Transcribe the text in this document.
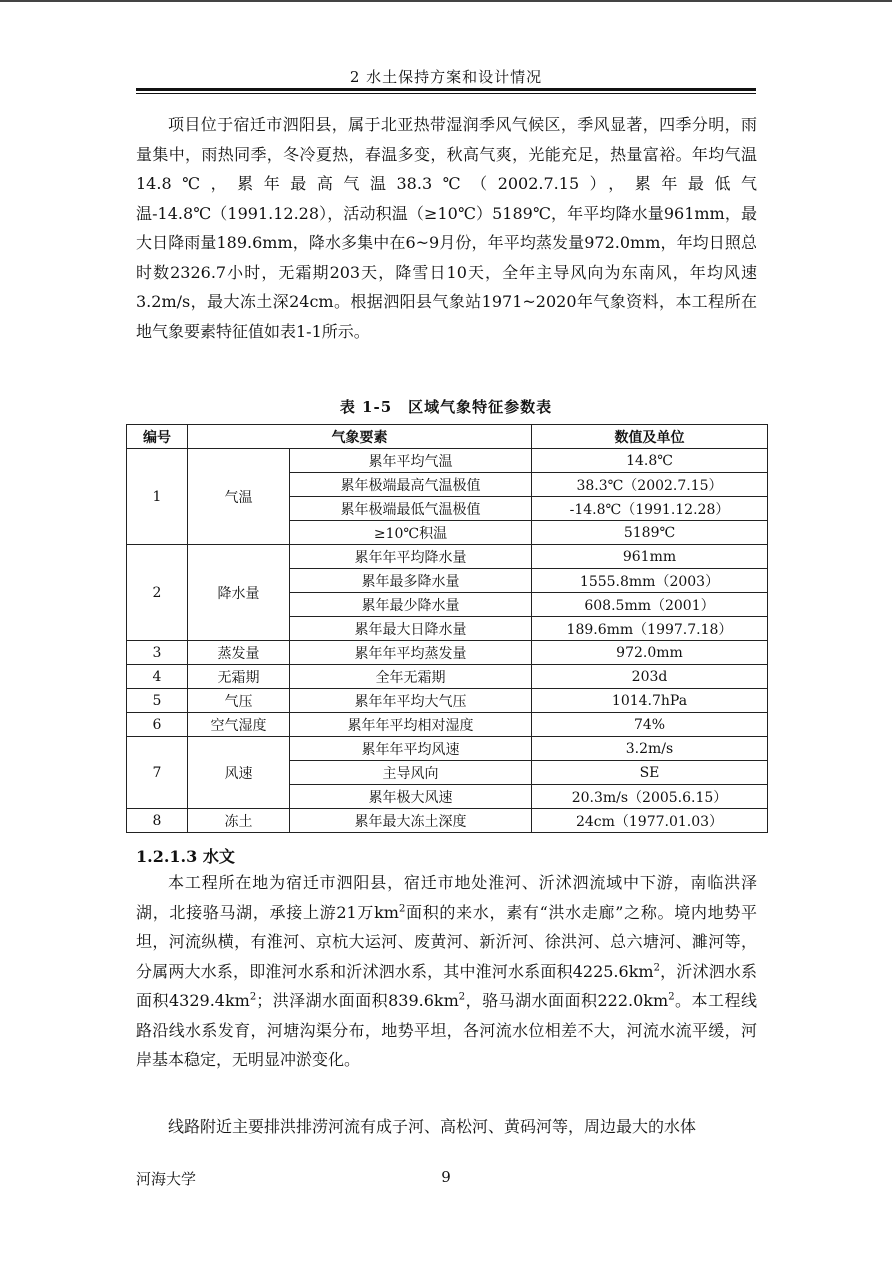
2 水土保持方案和设计情况

项目位于宿迁市泗阳县，属于北亚热带湿润季风气候区，季风显著，四季分明，雨量集中，雨热同季，冬冷夏热，春温多变，秋高气爽，光能充足，热量富裕。年均气温14.8℃，累年最高气温38.3℃（2002.7.15），累年最低气温-14.8℃（1991.12.28），活动积温（≥10℃）5189℃，年平均降水量961mm，最大日降雨量189.6mm，降水多集中在6~9月份，年平均蒸发量972.0mm，年均日照总时数2326.7小时，无霜期203天，降雪日10天，全年主导风向为东南风，年均风速3.2m/s，最大冻土深24cm。根据泗阳县气象站1971~2020年气象资料，本工程所在地气象要素特征值如表1-1所示。

表 1-5　区域气象特征参数表
编号	气象要素		数值及单位
1	气温	累年平均气温	14.8℃
		累年极端最高气温极值	38.3℃（2002.7.15）
		累年极端最低气温极值	-14.8℃（1991.12.28）
		≥10℃积温	5189℃
2	降水量	累年年平均降水量	961mm
		累年最多降水量	1555.8mm（2003）
		累年最少降水量	608.5mm（2001）
		累年最大日降水量	189.6mm（1997.7.18）
3	蒸发量	累年年平均蒸发量	972.0mm
4	无霜期	全年无霜期	203d
5	气压	累年年平均大气压	1014.7hPa
6	空气湿度	累年年平均相对湿度	74%
7	风速	累年年平均风速	3.2m/s
		主导风向	SE
		累年极大风速	20.3m/s（2005.6.15）
8	冻土	累年最大冻土深度	24cm（1977.01.03）
1.2.1.3 水文

本工程所在地为宿迁市泗阳县，宿迁市地处淮河、沂沭泗流域中下游，南临洪泽湖，北接骆马湖，承接上游21万$km^2$面积的来水，素有“洪水走廊”之称。境内地势平坦，河流纵横，有淮河、京杭大运河、废黄河、新沂河、徐洪河、总六塘河、濉河等，分属两大水系，即淮河水系和沂沭泗水系，其中淮河水系面积$4225.6km^2$，沂沭泗水系面积$4329.4km^2$；洪泽湖水面面积$839.6km^2$，骆马湖水面面积$222.0km^2$。本工程线路沿线水系发育，河塘沟渠分布，地势平坦，各河流水位相差不大，河流水流平缓，河岸基本稳定，无明显冲淤变化。

线路附近主要排洪排涝河流有成子河、高松河、黄码河等，周边最大的水体

河海大学	9
